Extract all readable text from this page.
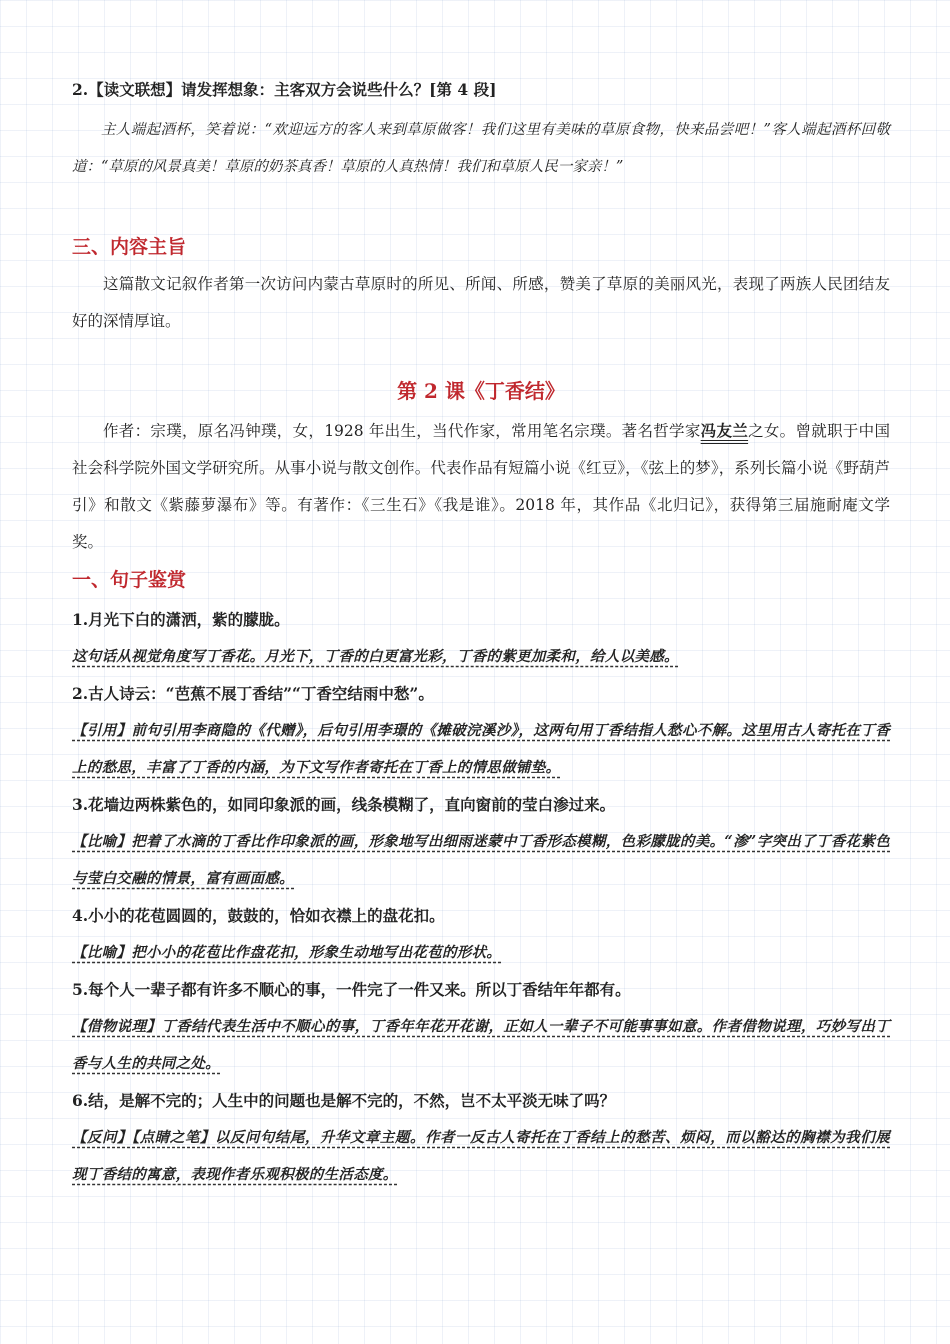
2.【读文联想】请发挥想象：主客双方会说些什么？[第 4 段]

主人端起酒杯，笑着说：“欢迎远方的客人来到草原做客！我们这里有美味的草原食物，快来品尝吧！”客人端起酒杯回敬道：“草原的风景真美！草原的奶茶真香！草原的人真热情！我们和草原人民一家亲！”

三、内容主旨

这篇散文记叙作者第一次访问内蒙古草原时的所见、所闻、所感，赞美了草原的美丽风光，表现了两族人民团结友好的深情厚谊。

第 2 课《丁香结》

作者：宗璞，原名冯钟璞，女，1928 年出生，当代作家，常用笔名宗璞。著名哲学家冯友兰之女。曾就职于中国社会科学院外国文学研究所。从事小说与散文创作。代表作品有短篇小说《红豆》，《弦上的梦》，系列长篇小说《野葫芦引》和散文《紫藤萝瀑布》等。有著作：《三生石》《我是谁》。2018 年，其作品《北归记》，获得第三届施耐庵文学奖。

一、句子鉴赏

1.月光下白的潇洒，紫的朦胧。

这句话从视觉角度写丁香花。月光下，丁香的白更富光彩，丁香的紫更加柔和，给人以美感。

2.古人诗云：“芭蕉不展丁香结”“丁香空结雨中愁”。

【引用】前句引用李商隐的《代赠》，后句引用李璟的《摊破浣溪沙》，这两句用丁香结指人愁心不解。这里用古人寄托在丁香上的愁思，丰富了丁香的内涵，为下文写作者寄托在丁香上的情思做铺垫。

3.花墙边两株紫色的，如同印象派的画，线条模糊了，直向窗前的莹白渗过来。

【比喻】把着了水滴的丁香比作印象派的画，形象地写出细雨迷蒙中丁香形态模糊，色彩朦胧的美。“渗”字突出了丁香花紫色与莹白交融的情景，富有画面感。

4.小小的花苞圆圆的，鼓鼓的，恰如衣襟上的盘花扣。

【比喻】把小小的花苞比作盘花扣，形象生动地写出花苞的形状。

5.每个人一辈子都有许多不顺心的事，一件完了一件又来。所以丁香结年年都有。

【借物说理】丁香结代表生活中不顺心的事，丁香年年花开花谢，正如人一辈子不可能事事如意。作者借物说理，巧妙写出丁香与人生的共同之处。

6.结，是解不完的；人生中的问题也是解不完的，不然，岂不太平淡无味了吗？

【反问】【点睛之笔】以反问句结尾，升华文章主题。作者一反古人寄托在丁香结上的愁苦、烦闷，而以豁达的胸襟为我们展现丁香结的寓意，表现作者乐观积极的生活态度。
